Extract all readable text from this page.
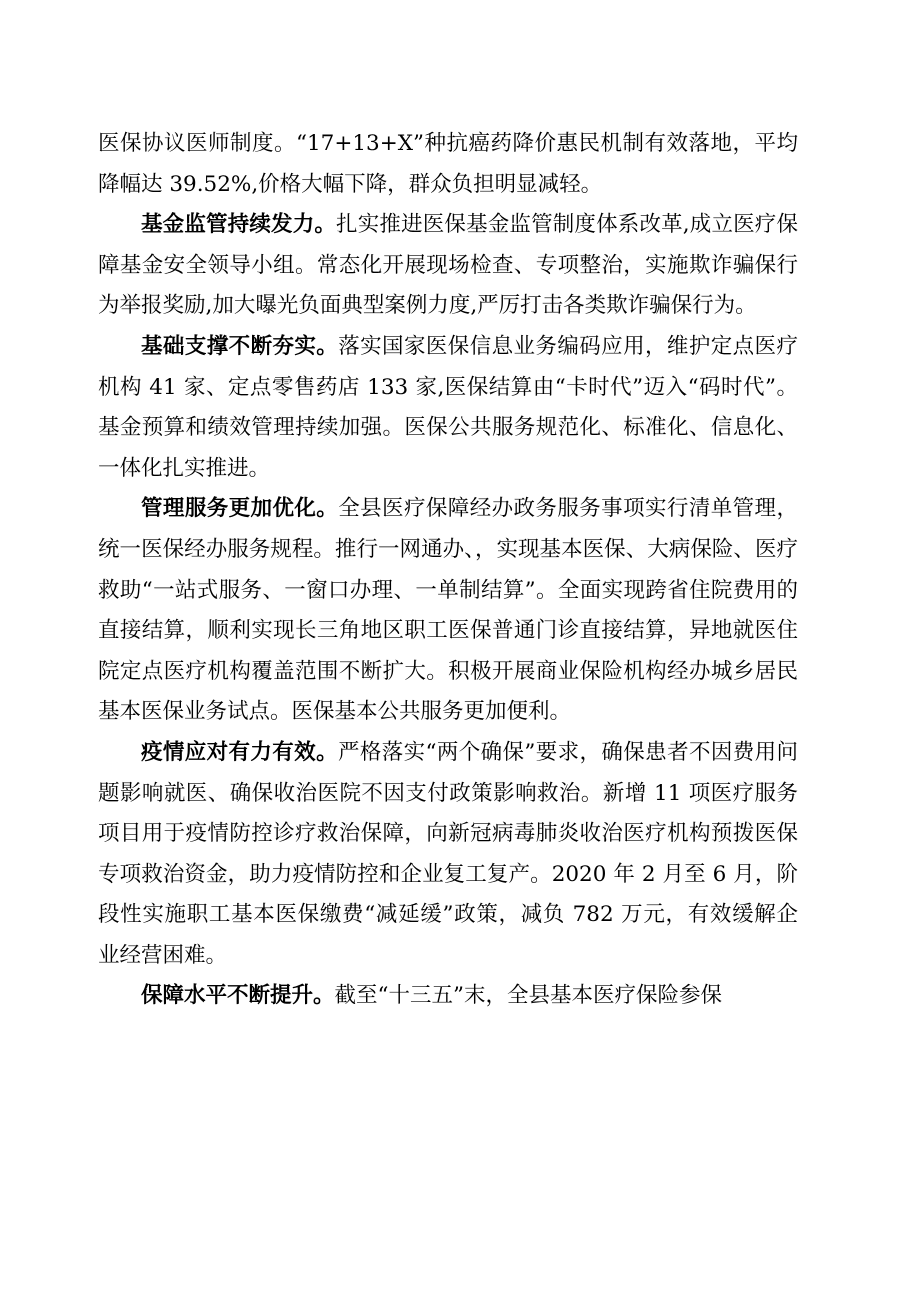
医保协议医师制度。“17+13+X”种抗癌药降价惠民机制有效落地，平均降幅达 39.52%,价格大幅下降，群众负担明显减轻。

基金监管持续发力。扎实推进医保基金监管制度体系改革,成立医疗保障基金安全领导小组。常态化开展现场检查、专项整治，实施欺诈骗保行为举报奖励,加大曝光负面典型案例力度,严厉打击各类欺诈骗保行为。

基础支撑不断夯实。落实国家医保信息业务编码应用，维护定点医疗机构 41 家、定点零售药店 133 家,医保结算由“卡时代”迈入“码时代”。基金预算和绩效管理持续加强。医保公共服务规范化、标准化、信息化、一体化扎实推进。

管理服务更加优化。全县医疗保障经办政务服务事项实行清单管理，统一医保经办服务规程。推行一网通办、，实现基本医保、大病保险、医疗救助“一站式服务、一窗口办理、一单制结算”。全面实现跨省住院费用的直接结算，顺利实现长三角地区职工医保普通门诊直接结算，异地就医住院定点医疗机构覆盖范围不断扩大。积极开展商业保险机构经办城乡居民基本医保业务试点。医保基本公共服务更加便利。

疫情应对有力有效。严格落实“两个确保”要求，确保患者不因费用问题影响就医、确保收治医院不因支付政策影响救治。新增 11 项医疗服务项目用于疫情防控诊疗救治保障，向新冠病毒肺炎收治医疗机构预拨医保专项救治资金，助力疫情防控和企业复工复产。2020 年 2 月至 6 月，阶段性实施职工基本医保缴费“减延缓”政策，减负 782 万元，有效缓解企业经营困难。

保障水平不断提升。截至“十三五”末，全县基本医疗保险参保
